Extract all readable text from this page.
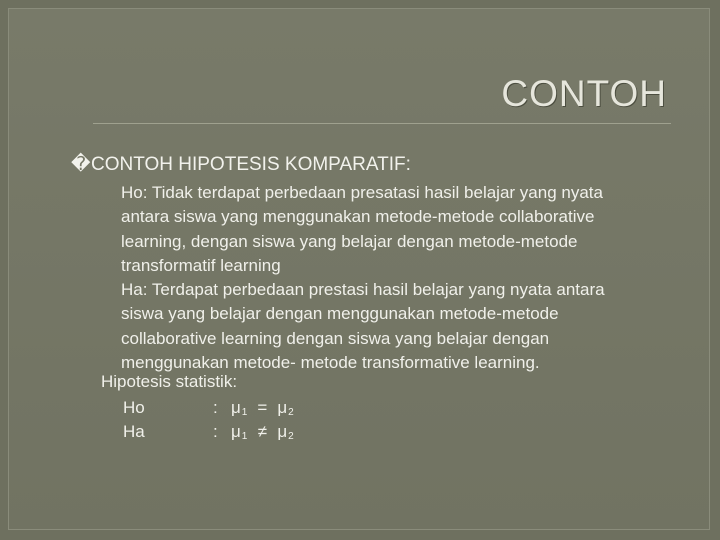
CONTOH
�CONTOH HIPOTESIS KOMPARATIF:
Ho: Tidak terdapat perbedaan presatasi hasil belajar yang nyata
antara siswa yang menggunakan metode-metode collaborative
learning, dengan siswa yang belajar dengan metode-metode
transformatif learning
Ha: Terdapat perbedaan prestasi hasil belajar yang nyata antara
siswa yang belajar dengan menggunakan metode-metode
collaborative learning dengan siswa yang belajar dengan
menggunakan metode- metode transformative learning.
Hipotesis statistik:
Ho	: $\mu_1 = \mu_2$
Ha	: $\mu_1 \ne \mu_2$
